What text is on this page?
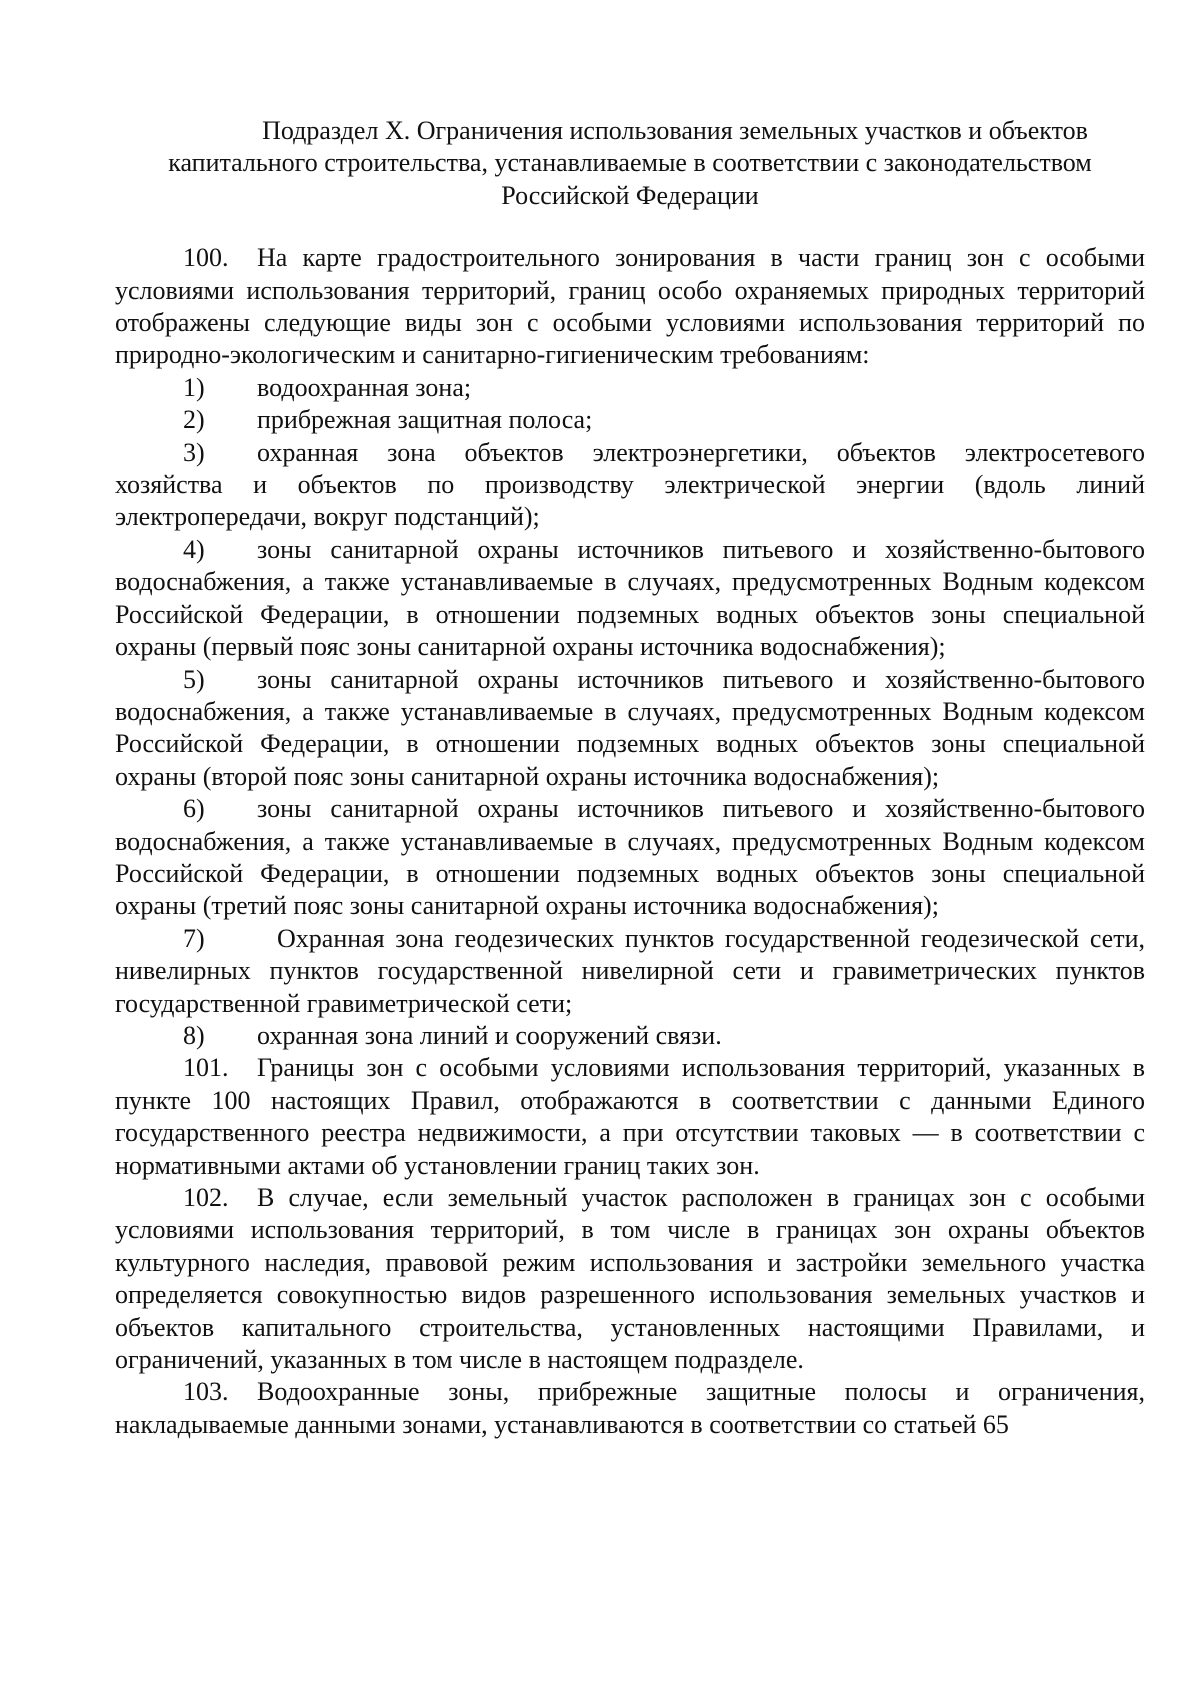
Подраздел X. Ограничения использования земельных участков и объектов капитального строительства, устанавливаемые в соответствии с законодательством Российской Федерации

100. На карте градостроительного зонирования в части границ зон с особыми условиями использования территорий, границ особо охраняемых природных территорий отображены следующие виды зон с особыми условиями использования территорий по природно-экологическим и санитарно-гигиеническим требованиям:

1) водоохранная зона;

2) прибрежная защитная полоса;

3) охранная зона объектов электроэнергетики, объектов электросетевого хозяйства и объектов по производству электрической энергии (вдоль линий электропередачи, вокруг подстанций);

4) зоны санитарной охраны источников питьевого и хозяйственно-бытового водоснабжения, а также устанавливаемые в случаях, предусмотренных Водным кодексом Российской Федерации, в отношении подземных водных объектов зоны специальной охраны (первый пояс зоны санитарной охраны источника водоснабжения);

5) зоны санитарной охраны источников питьевого и хозяйственно-бытового водоснабжения, а также устанавливаемые в случаях, предусмотренных Водным кодексом Российской Федерации, в отношении подземных водных объектов зоны специальной охраны (второй пояс зоны санитарной охраны источника водоснабжения);

6) зоны санитарной охраны источников питьевого и хозяйственно-бытового водоснабжения, а также устанавливаемые в случаях, предусмотренных Водным кодексом Российской Федерации, в отношении подземных водных объектов зоны специальной охраны (третий пояс зоны санитарной охраны источника водоснабжения);

7)	Охранная зона геодезических пунктов государственной геодезической сети, нивелирных пунктов государственной нивелирной сети и гравиметрических пунктов государственной гравиметрической сети;

8) охранная зона линий и сооружений связи.

101. Границы зон с особыми условиями использования территорий, указанных в пункте 100 настоящих Правил, отображаются в соответствии с данными Единого государственного реестра недвижимости, а при отсутствии таковых — в соответствии с нормативными актами об установлении границ таких зон.

102. В случае, если земельный участок расположен в границах зон с особыми условиями использования территорий, в том числе в границах зон охраны объектов культурного наследия, правовой режим использования и застройки земельного участка определяется совокупностью видов разрешенного использования земельных участков и объектов капитального строительства, установленных настоящими Правилами, и ограничений, указанных в том числе в настоящем подразделе.

103. Водоохранные зоны, прибрежные защитные полосы и ограничения, накладываемые данными зонами, устанавливаются в соответствии со статьей 65
